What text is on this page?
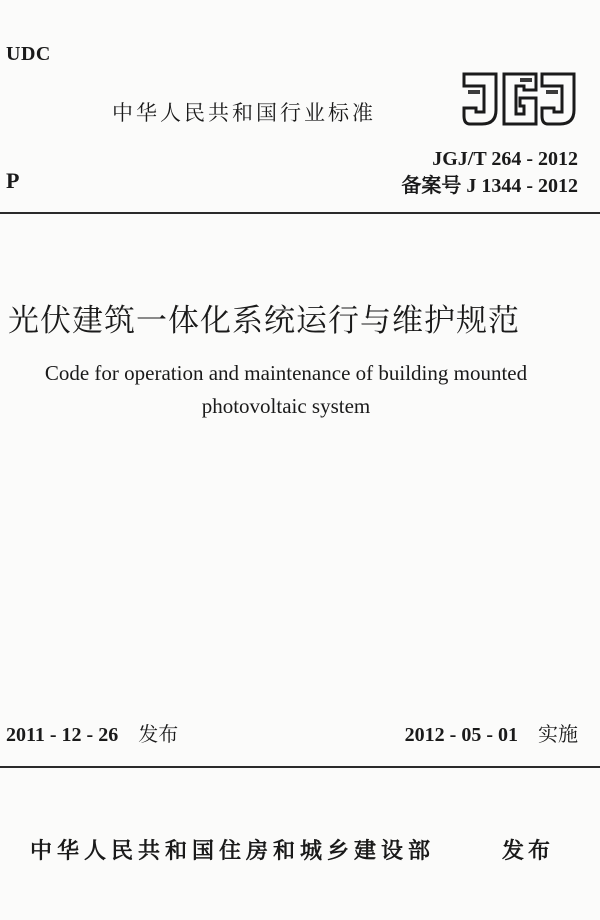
UDC
中华人民共和国行业标准
JGJ/T 264 - 2012
P	备案号 J 1344 - 2012
光伏建筑一体化系统运行与维护规范
Code for operation and maintenance of building mounted
photovoltaic system
2011 - 12 - 26 发布	2012 - 05 - 01 实施
中华人民共和国住房和城乡建设部	发布
